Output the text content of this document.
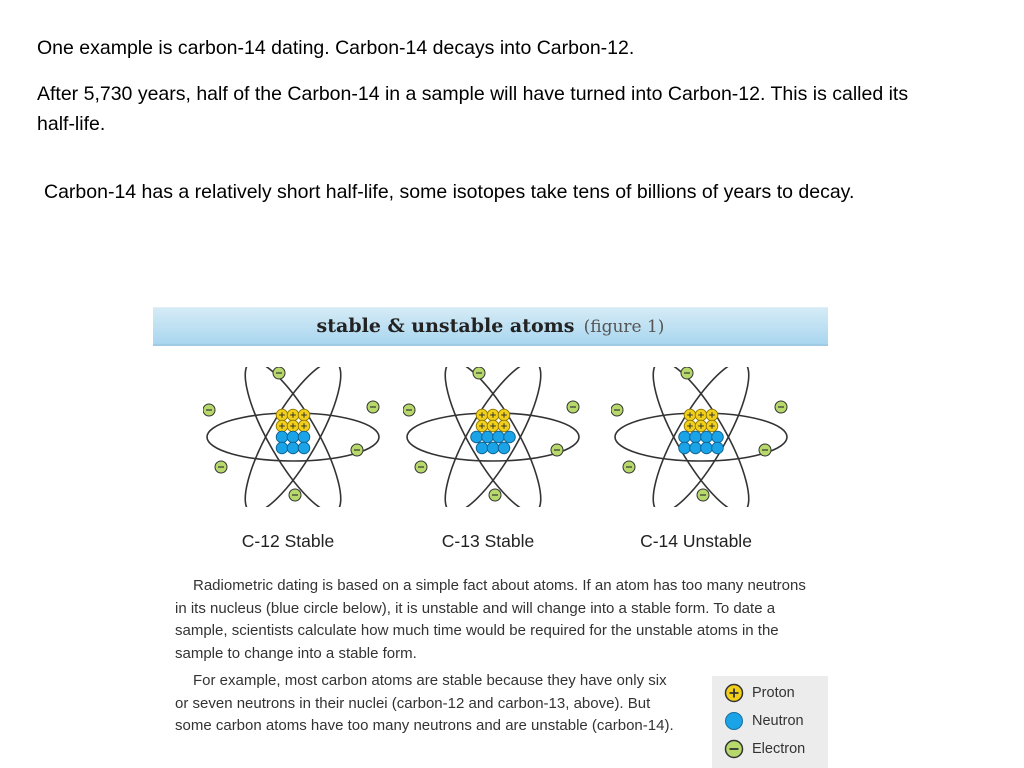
One example is carbon-14 dating. Carbon-14 decays into Carbon-12.

After 5,730 years, half of the Carbon-14 in a sample will have turned into Carbon-12. This is called its half-life.

Carbon-14 has a relatively short half-life, some isotopes take tens of billions of years to decay.

stable & unstable atoms (figure 1)
C-12 Stable	C-13 Stable	C-14 Unstable

Radiometric dating is based on a simple fact about atoms. If an atom has too many neutrons in its nucleus (blue circle below), it is unstable and will change into a stable form. To date a sample, scientists calculate how much time would be required for the unstable atoms in the sample to change into a stable form.

For example, most carbon atoms are stable because they have only six or seven neutrons in their nuclei (carbon-12 and carbon-13, above). But some carbon atoms have too many neutrons and are unstable (carbon-14).

Proton
Neutron
Electron
